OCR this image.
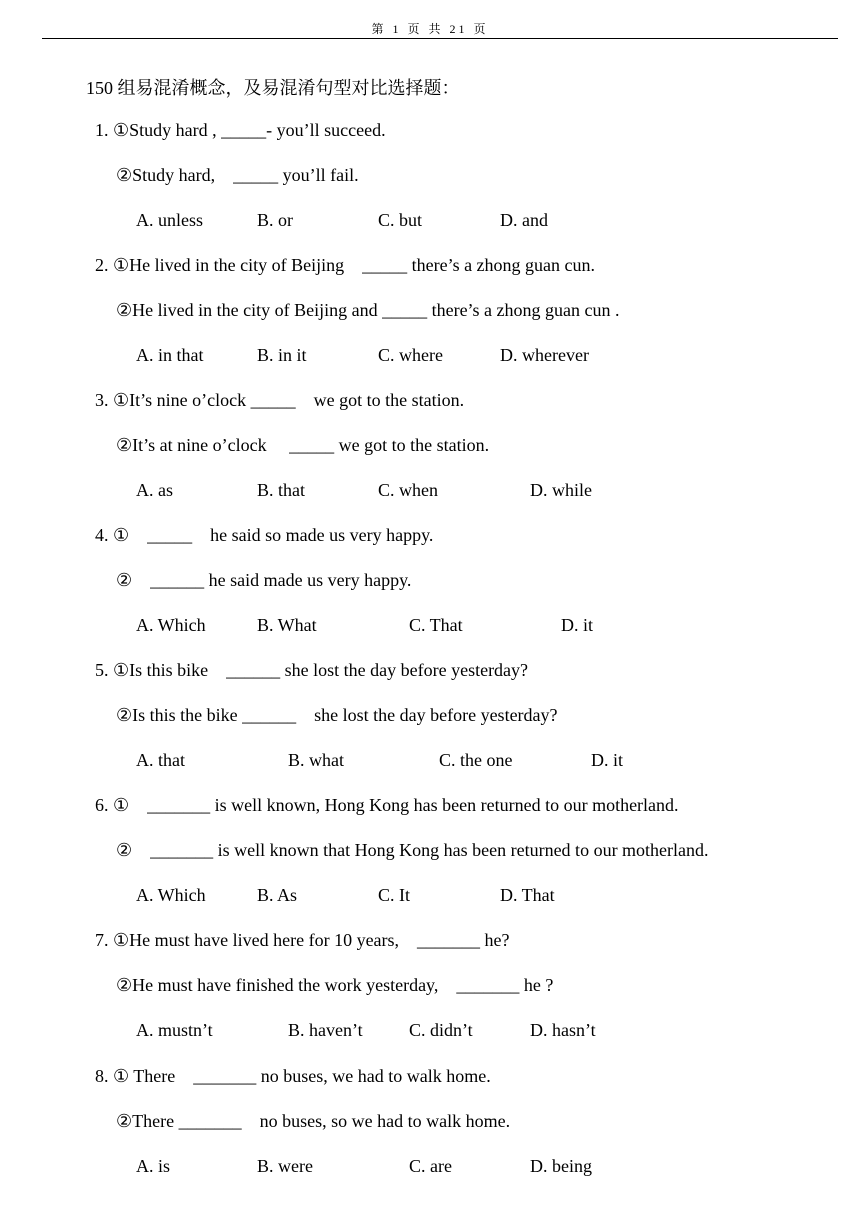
第 1 页 共 21 页
150 组易混淆概念，及易混淆句型对比选择题：
1. ①Study hard , _____- you’ll succeed.
②Study hard,    _____ you’ll fail.
A. unless	B. or	C. but	D. and
2. ①He lived in the city of Beijing    _____ there’s a zhong guan cun.
②He lived in the city of Beijing and _____ there’s a zhong guan cun .
A. in that	B. in it	C. where	D. wherever
3. ①It’s nine o’clock _____    we got to the station.
②It’s at nine o’clock     _____ we got to the station.
A. as	B. that	C. when	D. while
4. ①    _____    he said so made us very happy.
②    ______ he said made us very happy.
A. Which	B. What	C. That	D. it
5. ①Is this bike    ______ she lost the day before yesterday?
②Is this the bike ______    she lost the day before yesterday?
A. that	B. what	C. the one	D. it
6. ①    _______ is well known, Hong Kong has been returned to our motherland.
②    _______ is well known that Hong Kong has been returned to our motherland.
A. Which	B. As	C. It	D. That
7. ①He must have lived here for 10 years,    _______ he?
②He must have finished the work yesterday,    _______ he ?
A. mustn’t	B. haven’t	C. didn’t	D. hasn’t
8. ① There    _______ no buses, we had to walk home.
②There _______    no buses, so we had to walk home.
A. is	B. were	C. are	D. being
